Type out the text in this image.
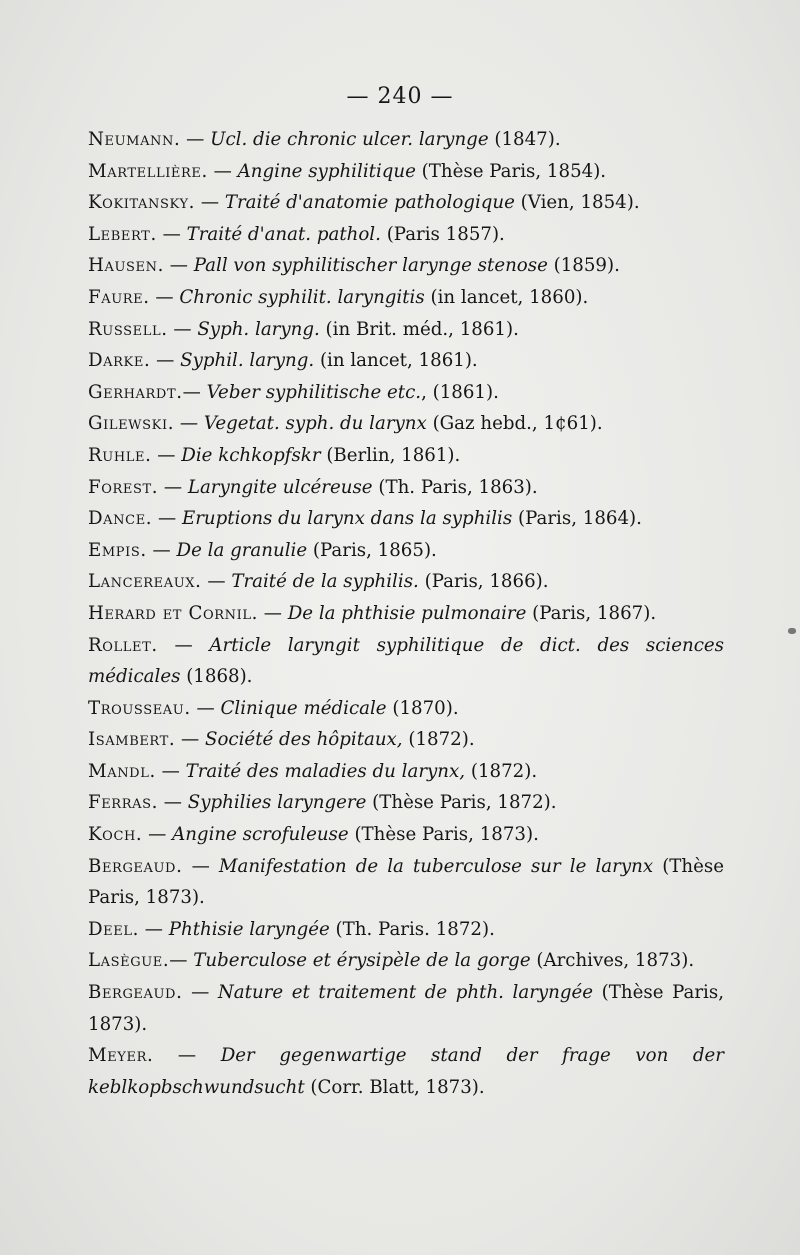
— 240 —
Neumann. — Ucl. die chronic ulcer. larynge (1847).
Martellière. — Angine syphilitique (Thèse Paris, 1854).
Kokitansky. — Traité d'anatomie pathologique (Vien, 1854).
Lebert. — Traité d'anat. pathol. (Paris 1857).
Hausen. — Pall von syphilitischer larynge stenose (1859).
Faure. — Chronic syphilit. laryngitis (in lancet, 1860).
Russell. — Syph. laryng. (in Brit. méd., 1861).
Darke. — Syphil. laryng. (in lancet, 1861).
Gerhardt.— Veber syphilitische etc., (1861).
Gilewski. — Vegetat. syph. du larynx (Gaz hebd., 1¢61).
Ruhle. — Die kchkopfskr (Berlin, 1861).
Forest. — Laryngite ulcéreuse (Th. Paris, 1863).
Dance. — Eruptions du larynx dans la syphilis (Paris, 1864).
Empis. — De la granulie (Paris, 1865).
Lancereaux. — Traité de la syphilis. (Paris, 1866).
Herard et Cornil. — De la phthisie pulmonaire (Paris, 1867).
Rollet. — Article laryngit syphilitique de dict. des sciences médicales (1868).
Trousseau. — Clinique médicale (1870).
Isambert. — Société des hôpitaux, (1872).
Mandl. — Traité des maladies du larynx, (1872).
Ferras. — Syphilies laryngere (Thèse Paris, 1872).
Koch. — Angine scrofuleuse (Thèse Paris, 1873).
Bergeaud. — Manifestation de la tuberculose sur le larynx (Thèse Paris, 1873).
Deel. — Phthisie laryngée (Th. Paris. 1872).
Lasègue.— Tuberculose et érysipèle de la gorge (Archives, 1873).
Bergeaud. — Nature et traitement de phth. laryngée (Thèse Paris, 1873).
Meyer. — Der gegenwartige stand der frage von der keblkopbschwundsucht (Corr. Blatt, 1873).
